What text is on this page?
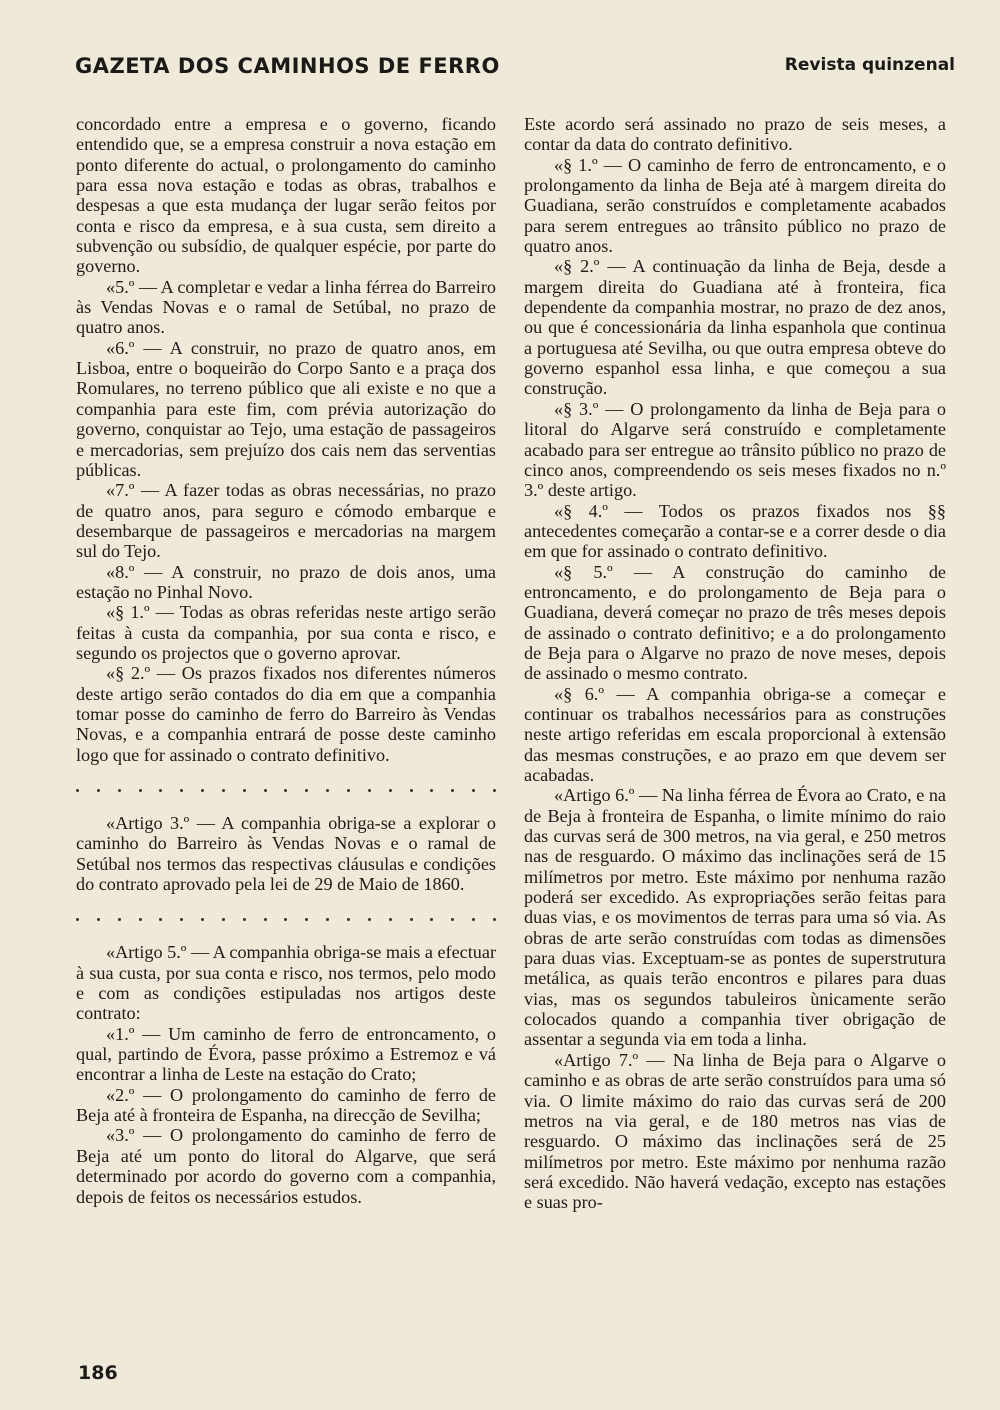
GAZETA DOS CAMINHOS DE FERRO	Revista quinzenal

concordado entre a empresa e o governo, ficando entendido que, se a empresa construir a nova estação em ponto diferente do actual, o prolongamento do caminho para essa nova estação e todas as obras, trabalhos e despesas a que esta mudança der lugar serão feitos por conta e risco da empresa, e à sua custa, sem direito a subvenção ou subsídio, de qualquer espécie, por parte do governo.

«5.º — A completar e vedar a linha férrea do Barreiro às Vendas Novas e o ramal de Setúbal, no prazo de quatro anos.

«6.º — A construir, no prazo de quatro anos, em Lisboa, entre o boqueirão do Corpo Santo e a praça dos Romulares, no terreno público que ali existe e no que a companhia para este fim, com prévia autorização do governo, conquistar ao Tejo, uma estação de passageiros e mercadorias, sem prejuízo dos cais nem das serventias públicas.

«7.º — A fazer todas as obras necessárias, no prazo de quatro anos, para seguro e cómodo embarque e desembarque de passageiros e mercadorias na margem sul do Tejo.

«8.º — A construir, no prazo de dois anos, uma estação no Pinhal Novo.

«§ 1.º — Todas as obras referidas neste artigo serão feitas à custa da companhia, por sua conta e risco, e segundo os projectos que o governo aprovar.

«§ 2.º — Os prazos fixados nos diferentes números deste artigo serão contados do dia em que a companhia tomar posse do caminho de ferro do Barreiro às Vendas Novas, e a companhia entrará de posse deste caminho logo que for assinado o contrato definitivo.

«Artigo 3.º — A companhia obriga-se a explorar o caminho do Barreiro às Vendas Novas e o ramal de Setúbal nos termos das respectivas cláusulas e condições do contrato aprovado pela lei de 29 de Maio de 1860.

«Artigo 5.º — A companhia obriga-se mais a efectuar à sua custa, por sua conta e risco, nos termos, pelo modo e com as condições estipuladas nos artigos deste contrato:

«1.º — Um caminho de ferro de entroncamento, o qual, partindo de Évora, passe próximo a Estremoz e vá encontrar a linha de Leste na estação do Crato;

«2.º — O prolongamento do caminho de ferro de Beja até à fronteira de Espanha, na direcção de Sevilha;

«3.º — O prolongamento do caminho de ferro de Beja até um ponto do litoral do Algarve, que será determinado por acordo do governo com a companhia, depois de feitos os necessários estudos.

Este acordo será assinado no prazo de seis meses, a contar da data do contrato definitivo.

«§ 1.º — O caminho de ferro de entroncamento, e o prolongamento da linha de Beja até à margem direita do Guadiana, serão construídos e completamente acabados para serem entregues ao trânsito público no prazo de quatro anos.

«§ 2.º — A continuação da linha de Beja, desde a margem direita do Guadiana até à fronteira, fica dependente da companhia mostrar, no prazo de dez anos, ou que é concessionária da linha espanhola que continua a portuguesa até Sevilha, ou que outra empresa obteve do governo espanhol essa linha, e que começou a sua construção.

«§ 3.º — O prolongamento da linha de Beja para o litoral do Algarve será construído e completamente acabado para ser entregue ao trânsito público no prazo de cinco anos, compreendendo os seis meses fixados no n.º 3.º deste artigo.

«§ 4.º — Todos os prazos fixados nos §§ antecedentes começarão a contar-se e a correr desde o dia em que for assinado o contrato definitivo.

«§ 5.º — A construção do caminho de entroncamento, e do prolongamento de Beja para o Guadiana, deverá começar no prazo de três meses depois de assinado o contrato definitivo; e a do prolongamento de Beja para o Algarve no prazo de nove meses, depois de assinado o mesmo contrato.

«§ 6.º — A companhia obriga-se a começar e continuar os trabalhos necessários para as construções neste artigo referidas em escala proporcional à extensão das mesmas construções, e ao prazo em que devem ser acabadas.

«Artigo 6.º — Na linha férrea de Évora ao Crato, e na de Beja à fronteira de Espanha, o limite mínimo do raio das curvas será de 300 metros, na via geral, e 250 metros nas de resguardo. O máximo das inclinações será de 15 milímetros por metro. Este máximo por nenhuma razão poderá ser excedido. As expropriações serão feitas para duas vias, e os movimentos de terras para uma só via. As obras de arte serão construídas com todas as dimensões para duas vias. Exceptuam-se as pontes de superstrutura metálica, as quais terão encontros e pilares para duas vias, mas os segundos tabuleiros ùnicamente serão colocados quando a companhia tiver obrigação de assentar a segunda via em toda a linha.

«Artigo 7.º — Na linha de Beja para o Algarve o caminho e as obras de arte serão construídos para uma só via. O limite máximo do raio das curvas será de 200 metros na via geral, e de 180 metros nas vias de resguardo. O máximo das inclinações será de 25 milímetros por metro. Este máximo por nenhuma razão será excedido. Não haverá vedação, excepto nas estações e suas pro-

186
